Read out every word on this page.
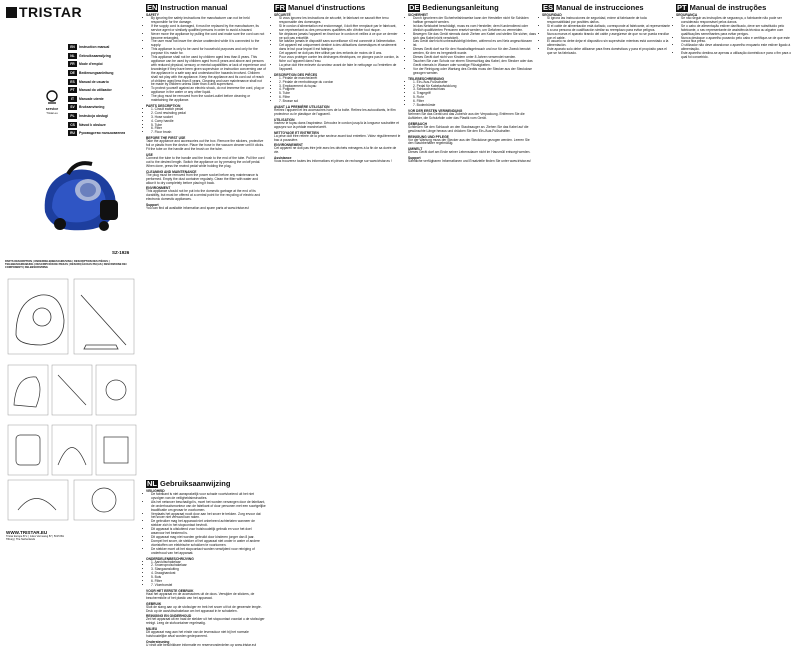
TRISTAR
EN	Instruction manual
NL	Gebruiksaanwijzing
FR	Mode d'emploi
DE	Bedienungsanleitung
ES	Manual de usuario
PT	Manual do utilizador
IT	Manuale utente
SV	Bruksanvisning
PL	Instrukcja obsługi
CS	Návod k obsluze
RU	Руководство пользователя
service
Tristar.eu
SZ-1926
PARTS DESCRIPTION | ONDERDELENBESCHRIJVING | DESCRIPTION DES PIÈCES | TEILEBESCHREIBUNG | DESCRIPCIÓN DE PIEZAS | DESCRIÇÃO DAS PEÇAS | DESCRIZIONE DEI COMPONENTI | DELBESKRIVNING
WWW.TRISTAR.EU
Tristar Europe B.V. | Jules Verneweg 87 | 5015 BH Tilburg | The Netherlands
EN Instruction manual
SAFETY
• By ignoring the safety instructions the manufacturer can not be held responsible for the damage.
• If the supply cord is damaged, it must be replaced by the manufacturer, its service agent or similarly qualified persons in order to avoid a hazard.
• Never move the appliance by pulling the cord and make sure the cord can not become entangled.
• The user must not leave the device unattended while it is connected to the supply.
• This appliance is only to be used for household purposes and only for the purpose it is made for.
• This appliance shall not be used by children aged less than 8 years. This appliance can be used by children aged from 8 years and above and persons with reduced physical, sensory or mental capabilities or lack of experience and knowledge if they have been given supervision or instruction concerning use of the appliance in a safe way and understand the hazards involved. Children shall not play with the appliance. Keep the appliance and its cord out of reach of children aged less than 8 years. Cleaning and user maintenance shall not be made by children unless older than 8 and supervised.
• To protect yourself against an electric shock, do not immerse the cord, plug or appliance in the water or any other liquid.
• The plug must be removed from the socket-outlet before cleaning or maintaining the appliance.
PARTS DESCRIPTION
• 1. Circuit switch pedal
• 2. Cord rewinding pedal
• 3. Hose socket
• 4. Carry handle
• 5. Tube
• 6. Filter
• 7. Floor brush
BEFORE THE FIRST USE

Take the appliance and accessories out the box. Remove the stickers, protective foil or plastic from the device. Place the hose in the vacuum cleaner until it clicks. Fit the tube on the handle and the brush on the tube.

USE

Connect the tube to the handle and the brush to the end of the tube. Pull the cord out to the desired length. Switch the appliance on by pressing the on/off pedal. When done, press the rewind pedal while holding the plug.

CLEANING AND MAINTENANCE

The plug must be removed from the power socket before any maintenance is performed. Empty the dust container regularly. Clean the filter with water and allow it to dry completely before placing it back.

ENVIRONMENT

This appliance should not be put into the domestic garbage at the end of its durability, but must be offered at a central point for the recycling of electric and electronic domestic appliances.

Support

You can find all available information and spare parts at www.tristar.eu!

NL Gebruiksaanwijzing
VEILIGHEID
• De fabrikant is niet aansprakelijk voor schade voortvloeiend uit het niet opvolgen van de veiligheidsinstructies.
• Als het netsnoer beschadigd is, moet het worden vervangen door de fabrikant, de onderhoudsmonteur van de fabrikant of door personen met een soortgelijke kwalificatie om gevaar te voorkomen.
• Verplaats het apparaat nooit door aan het snoer te trekken. Zorg ervoor dat het snoer niet verward kan raken.
• De gebruiker mag het apparaat niet onbeheerd achterlaten wanneer de stekker zich in het stopcontact bevindt.
• Dit apparaat is uitsluitend voor huishoudelijk gebruik en voor het doel waarvoor het bestemd is.
• Dit apparaat mag niet worden gebruikt door kinderen jonger dan 8 jaar.
• Dompel het snoer, de stekker of het apparaat niet onder in water of andere vloeistoffen om elektrische schokken te voorkomen.
• De stekker moet uit het stopcontact worden verwijderd voor reiniging of onderhoud van het apparaat.
ONDERDELENBESCHRIJVING
• 1. Aan/uitschakelaar
• 2. Snoeroprolschakelaar
• 3. Slangaansluiting
• 4. Draaghandvat
• 5. Buis
• 6. Filter
• 7. Vloerborstel
VOOR HET EERSTE GEBRUIK

Haal het apparaat en de accessoires uit de doos. Verwijder de stickers, de beschermfolie of het plastic van het apparaat.

GEBRUIK

Sluit de slang aan op de stofzuiger en trek het snoer uit tot de gewenste lengte. Druk op de aan/uitschakelaar om het apparaat in te schakelen.

REINIGING EN ONDERHOUD

Zet het apparaat uit en haal de stekker uit het stopcontact voordat u de stofzuiger reinigt. Leeg de stofcontainer regelmatig.

MILIEU

Dit apparaat mag aan het einde van de levensduur niet bij het normale huishoudelijke afval worden gedeponeerd.

Ondersteuning

U vindt alle beschikbare informatie en reserveonderdelen op www.tristar.eu!

FR Manuel d'instructions
SÉCURITÉ
• Si vous ignorez les instructions de sécurité, le fabricant ne saurait être tenu responsable des dommages.
• Si le cordon d'alimentation est endommagé, il doit être remplacé par le fabricant, son représentant ou des personnes qualifiées afin d'éviter tout risque.
• Ne déplacez jamais l'appareil en tirant sur le cordon et veillez à ce que ce dernier ne soit pas entortillé.
• Ne laissez jamais le dispositif sans surveillance s'il est connecté à l'alimentation.
• Cet appareil est uniquement destiné à des utilisations domestiques et seulement dans le but pour lequel il est fabriqué.
• Cet appareil ne doit pas être utilisé par des enfants de moins de 8 ans.
• Pour vous protéger contre les décharges électriques, ne plongez pas le cordon, la fiche ou l'appareil dans l'eau.
• La prise doit être enlevée du secteur avant de faire le nettoyage ou l'entretien de l'appareil.
DESCRIPTION DES PIÈCES
• 1. Pédale de marche/arrêt
• 2. Pédale de rembobinage du cordon
• 3. Emplacement du tuyau
• 4. Poignée
• 5. Tube
• 6. Filtre
• 7. Brosse sol
AVANT LA PREMIÈRE UTILISATION

Retirez l'appareil et les accessoires hors de la boîte. Retirez les autocollants, le film protecteur ou le plastique de l'appareil.

UTILISATION

Insérez le tuyau dans l'aspirateur. Déroulez le cordon jusqu'à la longueur souhaitée et appuyez sur la pédale marche/arrêt.

NETTOYAGE ET ENTRETIEN

La prise doit être retirée de la prise secteur avant tout entretien. Videz régulièrement le bac à poussière.

ENVIRONNEMENT

Cet appareil ne doit pas être jeté avec les déchets ménagers à la fin de sa durée de vie.

Assistance

Vous trouverez toutes les informations et pièces de rechange sur www.tristar.eu !

DE Bedienungsanleitung
SICHERHEIT
• Durch Ignorieren der Sicherheitshinweise kann der Hersteller nicht für Schäden haftbar gemacht werden.
• Ist das Netzkabel beschädigt, muss es vom Hersteller, dem Kundendienst oder ähnlich qualifizierten Personen ersetzt werden, um Gefahren zu vermeiden.
• Bewegen Sie das Gerät niemals durch Ziehen am Kabel und stellen Sie sicher, dass sich das Kabel nicht verwickelt.
• Das Gerät darf nicht unbeaufsichtigt bleiben, während es am Netz angeschlossen ist.
• Dieses Gerät darf nur für den Haushaltsgebrauch und nur für den Zweck benutzt werden, für den es hergestellt wurde.
• Dieses Gerät darf nicht von Kindern unter 8 Jahren verwendet werden.
• Tauchen Sie zum Schutz vor einem Stromschlag das Kabel, den Stecker oder das Gerät niemals in Wasser oder sonstige Flüssigkeiten.
• Vor der Reinigung oder Wartung des Geräts muss der Stecker aus der Steckdose gezogen werden.
TEILEBESCHREIBUNG
• 1. Ein-/Aus-Fußschalter
• 2. Pedal für Kabelaufwicklung
• 3. Schlauchanschluss
• 4. Tragegriff
• 5. Rohr
• 6. Filter
• 7. Bodenbürste
VOR DER ERSTEN VERWENDUNG

Nehmen Sie das Gerät und das Zubehör aus der Verpackung. Entfernen Sie die Aufkleber, die Schutzfolie oder das Plastik vom Gerät.

GEBRAUCH

Schließen Sie den Schlauch an den Staubsauger an. Ziehen Sie das Kabel auf die gewünschte Länge heraus und drücken Sie den Ein-/Aus-Fußschalter.

REINIGUNG UND PFLEGE

Vor der Wartung muss der Stecker aus der Steckdose gezogen werden. Leeren Sie den Staubbehälter regelmäßig.

UMWELT

Dieses Gerät darf am Ende seiner Lebensdauer nicht im Hausmüll entsorgt werden.

Support

Sämtliche verfügbaren Informationen und Ersatzteile finden Sie unter www.tristar.eu!

ES Manual de instrucciones
SEGURIDAD
• Si ignora las instrucciones de seguridad, exime al fabricante de toda responsabilidad por posibles daños.
• Si el cable de alimentación está dañado, corresponde al fabricante, al representante o a una persona de cualificación similar su reemplazo para evitar peligros.
• Nunca mueva el aparato tirando del cable y asegúrese de que no se pueda enrollar con el cable.
• El usuario no debe dejar el dispositivo sin supervisión mientras está conectado a la alimentación.
• Este aparato solo debe utilizarse para fines domésticos y para el propósito para el que se ha fabricado.
PT Manual de instruções
SEGURANÇA
• Se não seguir as instruções de segurança, o fabricante não pode ser considerado responsável pelos danos.
• Se o cabo de alimentação estiver danificado, deve ser substituído pelo fabricante, o seu representante de assistência técnica ou alguém com qualificações semelhantes para evitar perigos.
• Nunca desloque o aparelho puxando pelo cabo e certifique-se de que este nunca fica preso.
• O utilizador não deve abandonar o aparelho enquanto este estiver ligado à alimentação.
• Este aparelho destina-se apenas a utilização doméstica e para o fim para o qual foi concebido.
